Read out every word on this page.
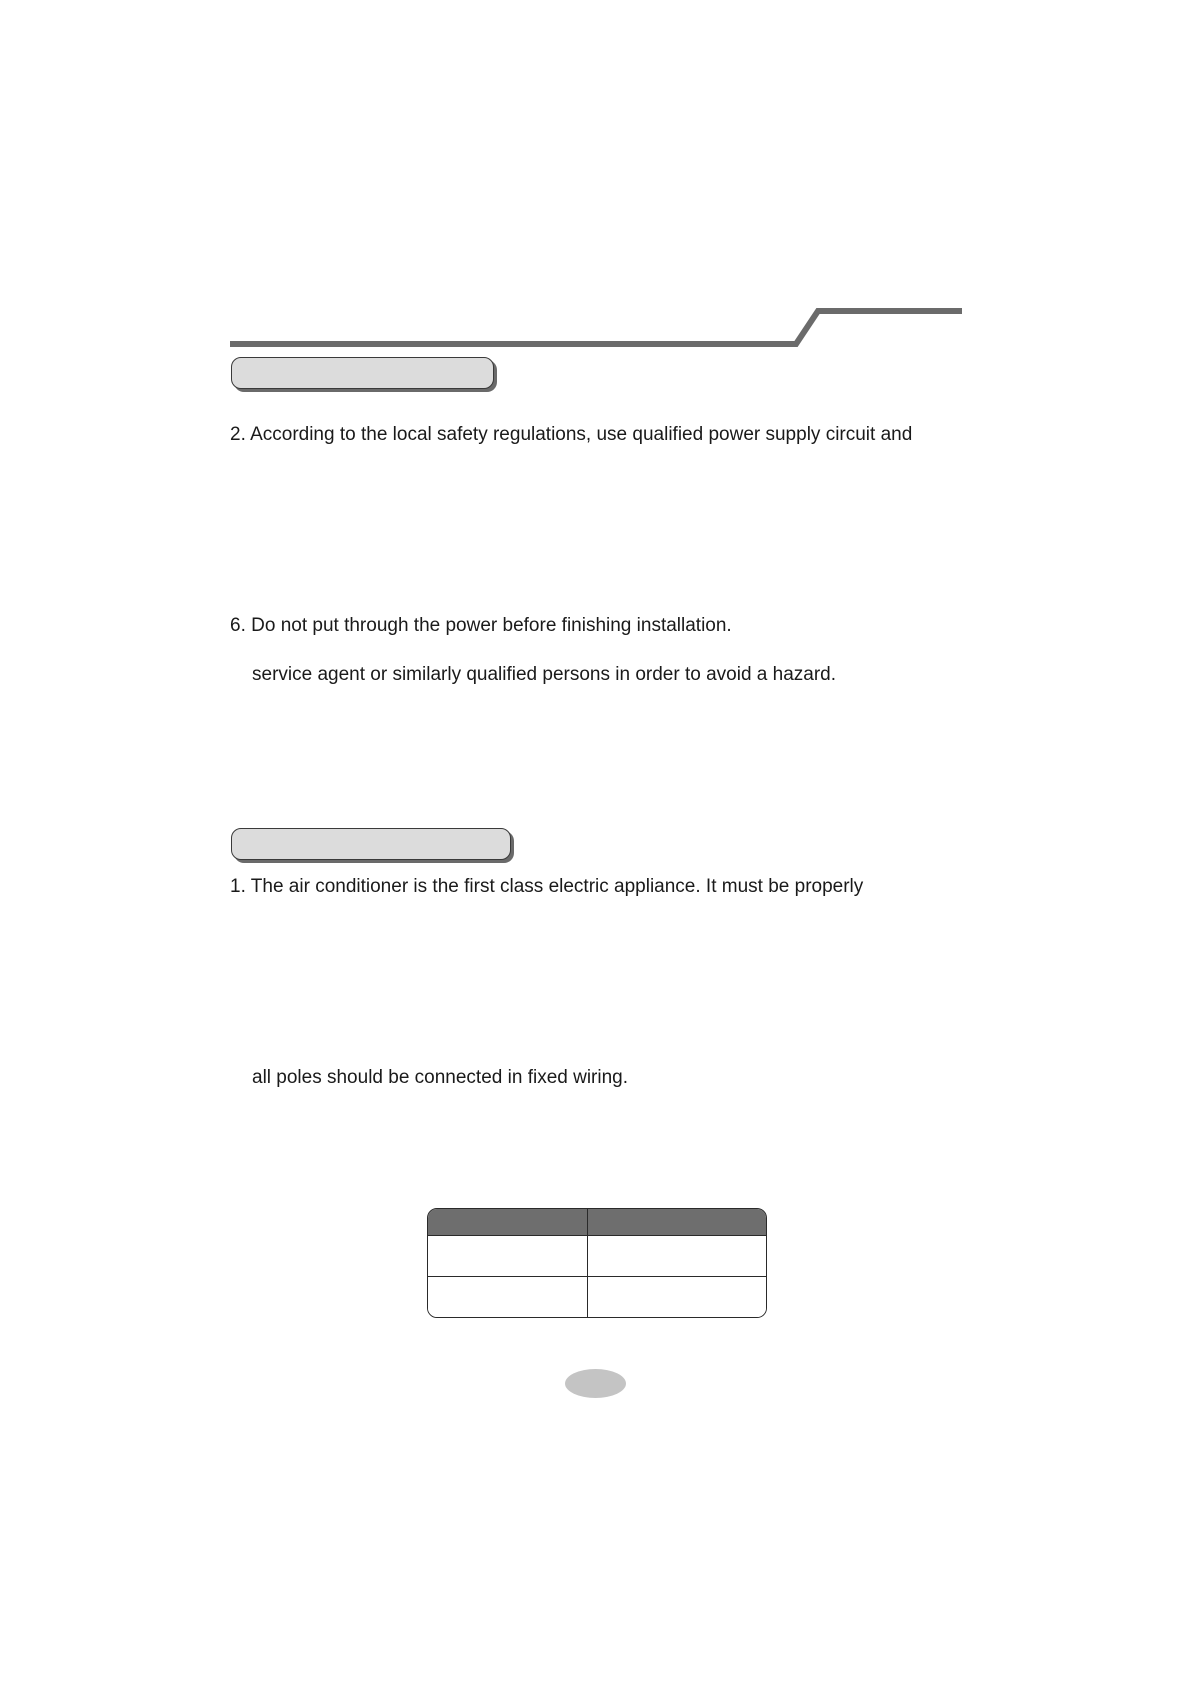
2. According to the local safety regulations, use qualified power supply circuit and

6. Do not put through the power before finishing installation.

service agent or similarly qualified persons in order to avoid a hazard.

1. The air conditioner is the first class electric appliance. It must be properly

all poles should be connected in fixed wiring.
